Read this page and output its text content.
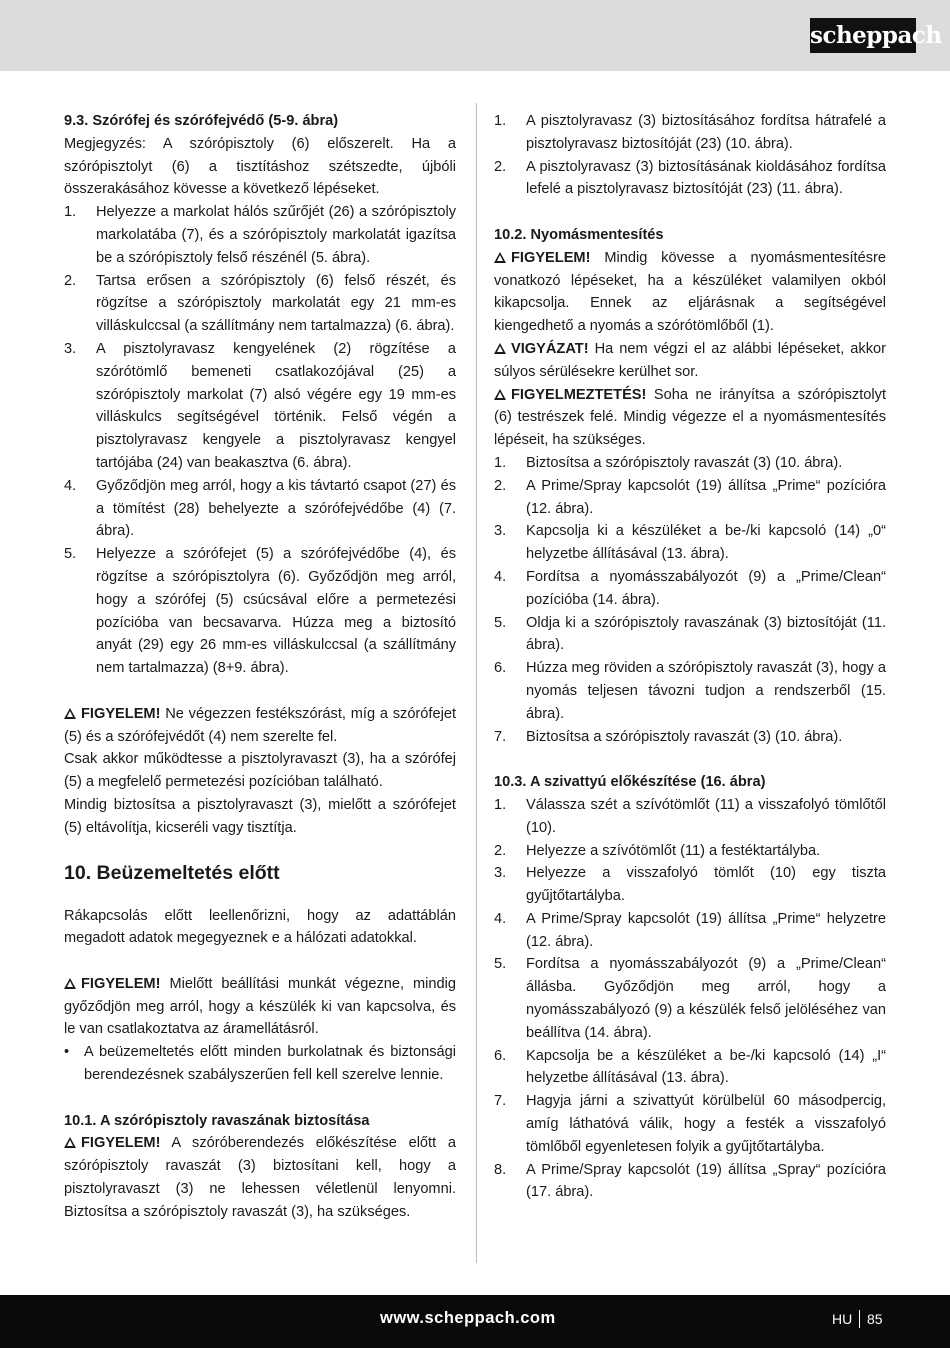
scheppach

9.3. Szórófej és szórófejvédő (5-9. ábra)

Megjegyzés: A szórópisztoly (6) előszerelt. Ha a szórópisztolyt (6) a tisztításhoz szétszedte, újbóli összerakásához kövesse a következő lépéseket.

1. Helyezze a markolat hálós szűrőjét (26) a szórópisztoly markolatába (7), és a szórópisztoly markolatát igazítsa be a szórópisztoly felső részénél (5. ábra).
2. Tartsa erősen a szórópisztoly (6) felső részét, és rögzítse a szórópisztoly markolatát egy 21 mm-es villáskulccsal (a szállítmány nem tartalmazza) (6. ábra).
3. A pisztolyravasz kengyelének (2) rögzítése a szórótömlő bemeneti csatlakozójával (25) a szórópisztoly markolat (7) alsó végére egy 19 mm-es villáskulcs segítségével történik. Felső végén a pisztolyravasz kengyele a pisztolyravasz kengyel tartójába (24) van beakasztva (6. ábra).
4. Győződjön meg arról, hogy a kis távtartó csapot (27) és a tömítést (28) behelyezte a szórófejvédőbe (4) (7. ábra).
5. Helyezze a szórófejet (5) a szórófejvédőbe (4), és rögzítse a szórópisztolyra (6). Győződjön meg arról, hogy a szórófej (5) csúcsával előre a permetezési pozícióba van becsavarva. Húzza meg a biztosító anyát (29) egy 26 mm-es villáskulccsal (a szállítmány nem tartalmazza) (8+9. ábra).

FIGYELEM! Ne végezzen festékszórást, míg a szórófejet (5) és a szórófejvédőt (4) nem szerelte fel.

Csak akkor működtesse a pisztolyravaszt (3), ha a szórófej (5) a megfelelő permetezési pozícióban található.

Mindig biztosítsa a pisztolyravaszt (3), mielőtt a szórófejet (5) eltávolítja, kicseréli vagy tisztítja.

10. Beüzemeltetés előtt

Rákapcsolás előtt leellenőrizni, hogy az adattáblán megadott adatok megegyeznek e a hálózati adatokkal.

FIGYELEM! Mielőtt beállítási munkát végezne, mindig győződjön meg arról, hogy a készülék ki van kapcsolva, és le van csatlakoztatva az áramellátásról.

• A beüzemeltetés előtt minden burkolatnak és biztonsági berendezésnek szabályszerűen fell kell szerelve lennie.

10.1. A szórópisztoly ravaszának biztosítása

FIGYELEM! A szóróberendezés előkészítése előtt a szórópisztoly ravaszát (3) biztosítani kell, hogy a pisztolyravaszt (3) ne lehessen véletlenül lenyomni. Biztosítsa a szórópisztoly ravaszát (3), ha szükséges.

1. A pisztolyravasz (3) biztosításához fordítsa hátrafelé a pisztolyravasz biztosítóját (23) (10. ábra).
2. A pisztolyravasz (3) biztosításának kioldásához fordítsa lefelé a pisztolyravasz biztosítóját (23) (11. ábra).

10.2. Nyomásmentesítés

FIGYELEM! Mindig kövesse a nyomásmentesítésre vonatkozó lépéseket, ha a készüléket valamilyen okból kikapcsolja. Ennek az eljárásnak a segítségével kiengedhető a nyomás a szórótömlőből (1).

VIGYÁZAT! Ha nem végzi el az alábbi lépéseket, akkor súlyos sérülésekre kerülhet sor.

FIGYELMEZTETÉS! Soha ne irányítsa a szórópisztolyt (6) testrészek felé. Mindig végezze el a nyomásmentesítés lépéseit, ha szükséges.

1. Biztosítsa a szórópisztoly ravaszát (3) (10. ábra).
2. A Prime/Spray kapcsolót (19) állítsa „Prime“ pozícióra (12. ábra).
3. Kapcsolja ki a készüléket a be-/ki kapcsoló (14) „0“ helyzetbe állításával (13. ábra).
4. Fordítsa a nyomásszabályozót (9) a „Prime/Clean“ pozícióba (14. ábra).
5. Oldja ki a szórópisztoly ravaszának (3) biztosítóját (11. ábra).
6. Húzza meg röviden a szórópisztoly ravaszát (3), hogy a nyomás teljesen távozni tudjon a rendszerből (15. ábra).
7. Biztosítsa a szórópisztoly ravaszát (3) (10. ábra).

10.3. A szivattyú előkészítése (16. ábra)

1. Válassza szét a szívótömlőt (11) a visszafolyó tömlőtől (10).
2. Helyezze a szívótömlőt (11) a festéktartályba.
3. Helyezze a visszafolyó tömlőt (10) egy tiszta gyűjtőtartályba.
4. A Prime/Spray kapcsolót (19) állítsa „Prime“ helyzetre (12. ábra).
5. Fordítsa a nyomásszabályozót (9) a „Prime/Clean“ állásba. Győződjön meg arról, hogy a nyomásszabályozó (9) a készülék felső jelöléséhez van beállítva (14. ábra).
6. Kapcsolja be a készüléket a be-/ki kapcsoló (14) „I“ helyzetbe állításával (13. ábra).
7. Hagyja járni a szivattyút körülbelül 60 másodpercig, amíg láthatóvá válik, hogy a festék a visszafolyó tömlőből egyenletesen folyik a gyűjtőtartályba.
8. A Prime/Spray kapcsolót (19) állítsa „Spray“ pozícióra (17. ábra).
www.scheppach.com	HU 85
